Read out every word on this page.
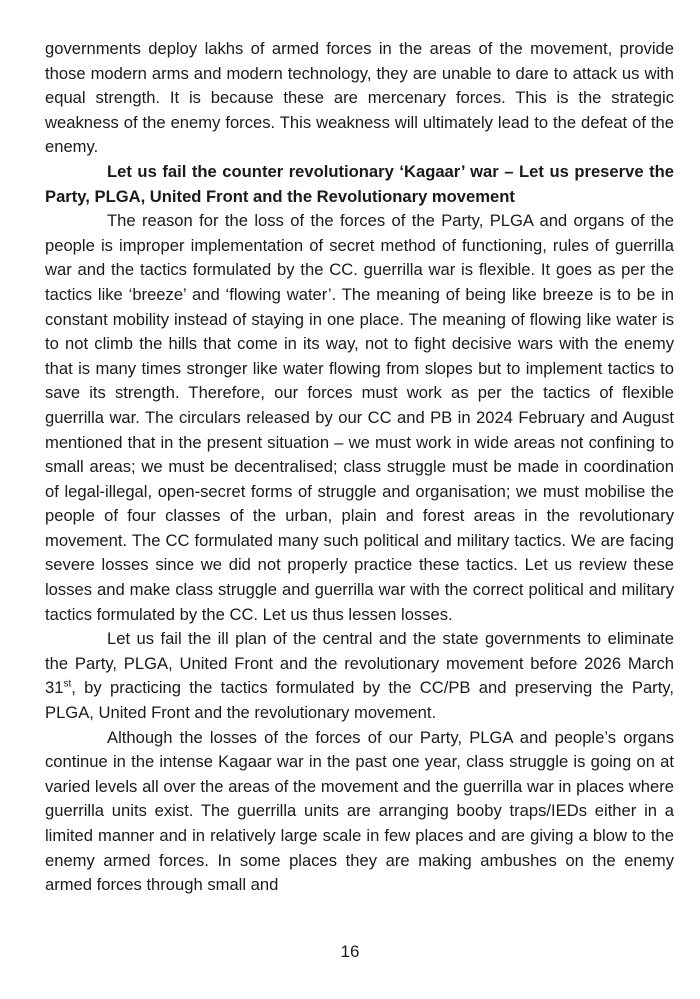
governments deploy lakhs of armed forces in the areas of the movement, provide those modern arms and modern technology, they are unable to dare to attack us with equal strength. It is because these are mercenary forces. This is the strategic weakness of the enemy forces. This weakness will ultimately lead to the defeat of the enemy.

Let us fail the counter revolutionary ‘Kagaar’ war – Let us preserve the Party, PLGA, United Front and the Revolutionary movement

The reason for the loss of the forces of the Party, PLGA and organs of the people is improper implementation of secret method of functioning, rules of guerrilla war and the tactics formulated by the CC. guerrilla war is flexible. It goes as per the tactics like ‘breeze’ and ‘flowing water’. The meaning of being like breeze is to be in constant mobility instead of staying in one place. The meaning of flowing like water is to not climb the hills that come in its way, not to fight decisive wars with the enemy that is many times stronger like water flowing from slopes but to implement tactics to save its strength. Therefore, our forces must work as per the tactics of flexible guerrilla war. The circulars released by our CC and PB in 2024 February and August mentioned that in the present situation – we must work in wide areas not confining to small areas; we must be decentralised; class struggle must be made in coordination of legal-illegal, open-secret forms of struggle and organisation; we must mobilise the people of four classes of the urban, plain and forest areas in the revolutionary movement. The CC formulated many such political and military tactics. We are facing severe losses since we did not properly practice these tactics. Let us review these losses and make class struggle and guerrilla war with the correct political and military tactics formulated by the CC. Let us thus lessen losses.

Let us fail the ill plan of the central and the state governments to eliminate the Party, PLGA, United Front and the revolutionary movement before 2026 March 31st, by practicing the tactics formulated by the CC/PB and preserving the Party, PLGA, United Front and the revolutionary movement.

Although the losses of the forces of our Party, PLGA and people’s organs continue in the intense Kagaar war in the past one year, class struggle is going on at varied levels all over the areas of the movement and the guerrilla war in places where guerrilla units exist. The guerrilla units are arranging booby traps/IEDs either in a limited manner and in relatively large scale in few places and are giving a blow to the enemy armed forces. In some places they are making ambushes on the enemy armed forces through small and

16
